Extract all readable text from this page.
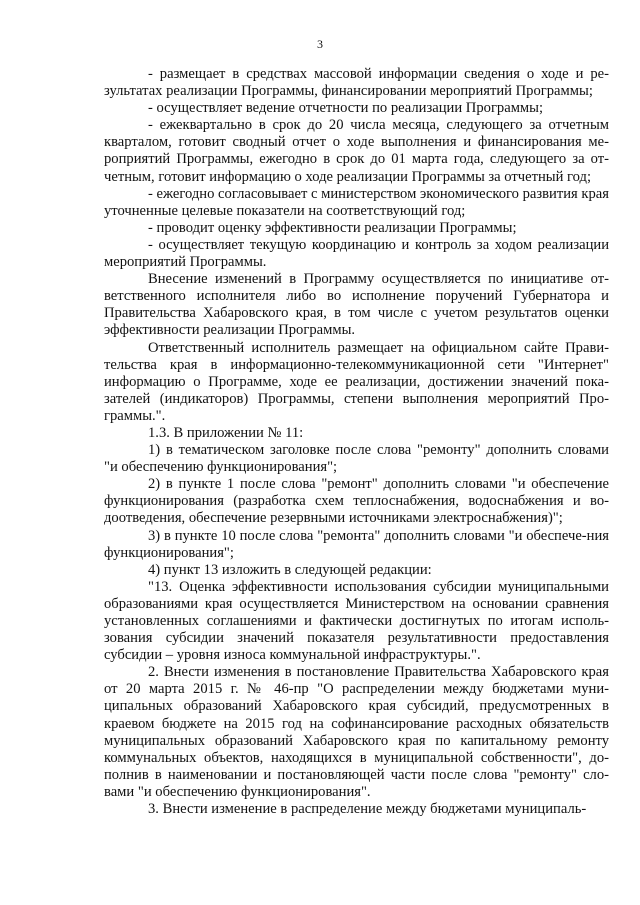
3

- размещает в средствах массовой информации сведения о ходе и ре-зультатах реализации Программы, финансировании мероприятий Программы;

- осуществляет ведение отчетности по реализации Программы;

- ежеквартально в срок до 20 числа месяца, следующего за отчетным кварталом, готовит сводный отчет о ходе выполнения и финансирования ме-роприятий Программы, ежегодно в срок до 01 марта года, следующего за от-четным, готовит информацию о ходе реализации Программы за отчетный год;

- ежегодно согласовывает с министерством экономического развития края уточненные целевые показатели на соответствующий год;

- проводит оценку эффективности реализации Программы;

- осуществляет текущую координацию и контроль за ходом реализации мероприятий Программы.

Внесение изменений в Программу осуществляется по инициативе от-ветственного исполнителя либо во исполнение поручений Губернатора и Правительства Хабаровского края, в том числе с учетом результатов оценки эффективности реализации Программы.

Ответственный исполнитель размещает на официальном сайте Прави-тельства края в информационно-телекоммуникационной сети "Интернет" информацию о Программе, ходе ее реализации, достижении значений пока-зателей (индикаторов) Программы, степени выполнения мероприятий Про-граммы.".

1.3. В приложении № 11:

1) в тематическом заголовке после слова "ремонту" дополнить словами "и обеспечению функционирования";

2) в пункте 1 после слова "ремонт" дополнить словами "и обеспечение функционирования (разработка схем теплоснабжения, водоснабжения и во-доотведения, обеспечение резервными источниками электроснабжения)";

3) в пункте 10 после слова "ремонта" дополнить словами "и обеспече-ния функционирования";

4) пункт 13 изложить в следующей редакции:

"13. Оценка эффективности использования субсидии муниципальными образованиями края осуществляется Министерством на основании сравнения установленных соглашениями и фактически достигнутых по итогам исполь-зования субсидии значений показателя результативности предоставления субсидии – уровня износа коммунальной инфраструктуры.".

2. Внести изменения в постановление Правительства Хабаровского края от 20 марта 2015 г. № 46-пр "О распределении между бюджетами муни-ципальных образований Хабаровского края субсидий, предусмотренных в краевом бюджете на 2015 год на софинансирование расходных обязательств муниципальных образований Хабаровского края по капитальному ремонту коммунальных объектов, находящихся в муниципальной собственности", до-полнив в наименовании и постановляющей части после слова "ремонту" сло-вами "и обеспечению функционирования".

3. Внести изменение в распределение между бюджетами муниципаль-
